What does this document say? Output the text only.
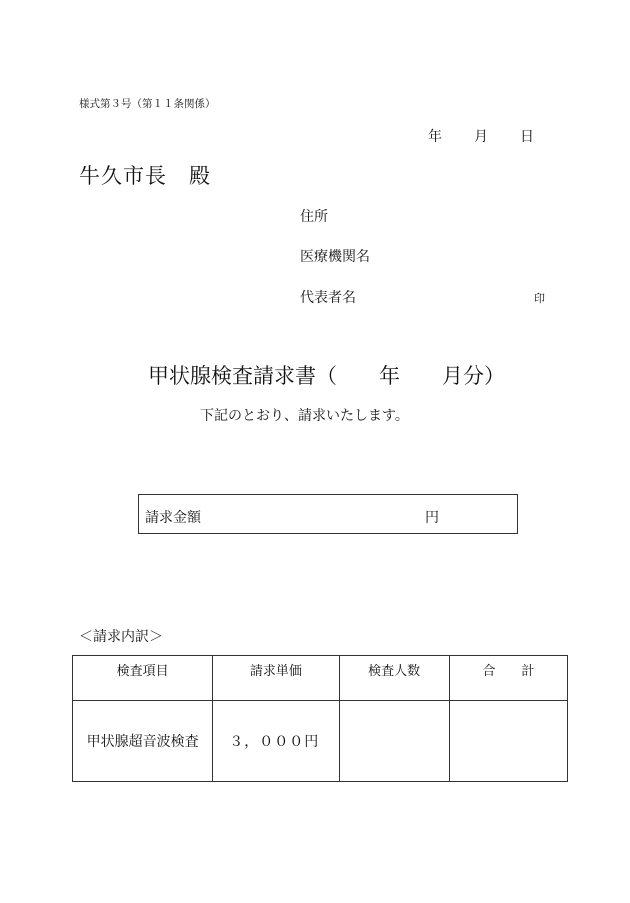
様式第３号（第１１条関係）
年	月	日
牛久市長 殿
住所
医療機関名
代表者名	印
甲状腺検査請求書（ 年 月分）
下記のとおり、請求いたします。
請求金額	円
＜請求内訳＞
検査項目	請求単価	検査人数	合　　計
甲状腺超音波検査	３，０００円		
